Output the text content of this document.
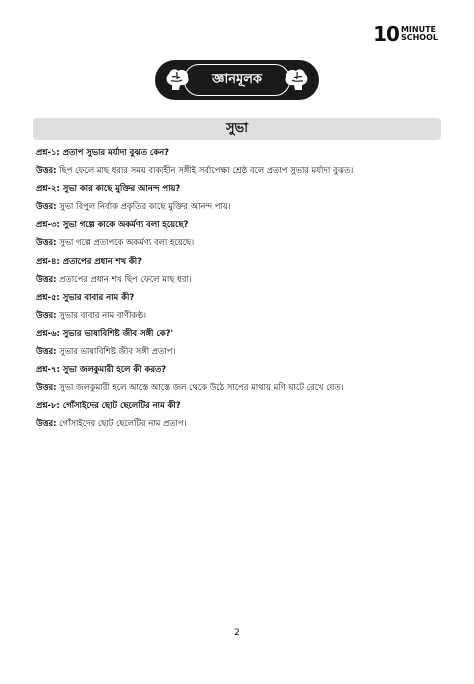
10 MINUTE
SCHOOL
জ্ঞানমূলক
সুভা
প্রশ্ন-১: প্রতাপ সুভার মর্যাদা বুঝত কেন?
উত্তর: ছিপ ফেলে মাছ ধরার সময় বাক্যহীন সঙ্গীই সর্বাপেক্ষা শ্রেষ্ঠ বলে প্রতাপ সুভার মর্যাদা বুঝত।
প্রশ্ন-২: সুভা কার কাছে মুক্তির আনন্দ পায়?
উত্তর: সুভা বিপুল নির্বাক প্রকৃতির কাছে মুক্তির আনন্দ পায়।
প্রশ্ন-৩: সুভা গল্পে কাকে অকর্মণ্য বলা হয়েছে?
উত্তর: সুভা গল্পে প্রতাপকে অকর্মণ্য বলা হয়েছে।
প্রশ্ন-৪: প্রতাপের প্রধান শখ কী?
উত্তর: প্রতাপের প্রধান শখ ছিপ ফেলে মাছ ধরা।
প্রশ্ন-৫: সুভার বাবার নাম কী?
উত্তর: সুভার বাবার নাম বাণীকণ্ঠ।
প্রশ্ন-৬: সুভার ভাষাবিশিষ্ট জীব সঙ্গী কে?'
উত্তর: সুভার ভাষাবিশিষ্ট জীব সঙ্গী প্রতাপ।
প্রশ্ন-৭: সুভা জলকুমারী হলে কী করত?
উত্তর: সুভা জলকুমারী হলে আস্তে আস্তে জল থেকে উঠে সাপের মাথায় মণি ঘাটে রেখে যেত।
প্রশ্ন-৮: গোঁসাইদের ছোট ছেলেটির নাম কী?
উত্তর: গোঁসাইদের ছোট ছেলেটির নাম প্রতাপ।
2
